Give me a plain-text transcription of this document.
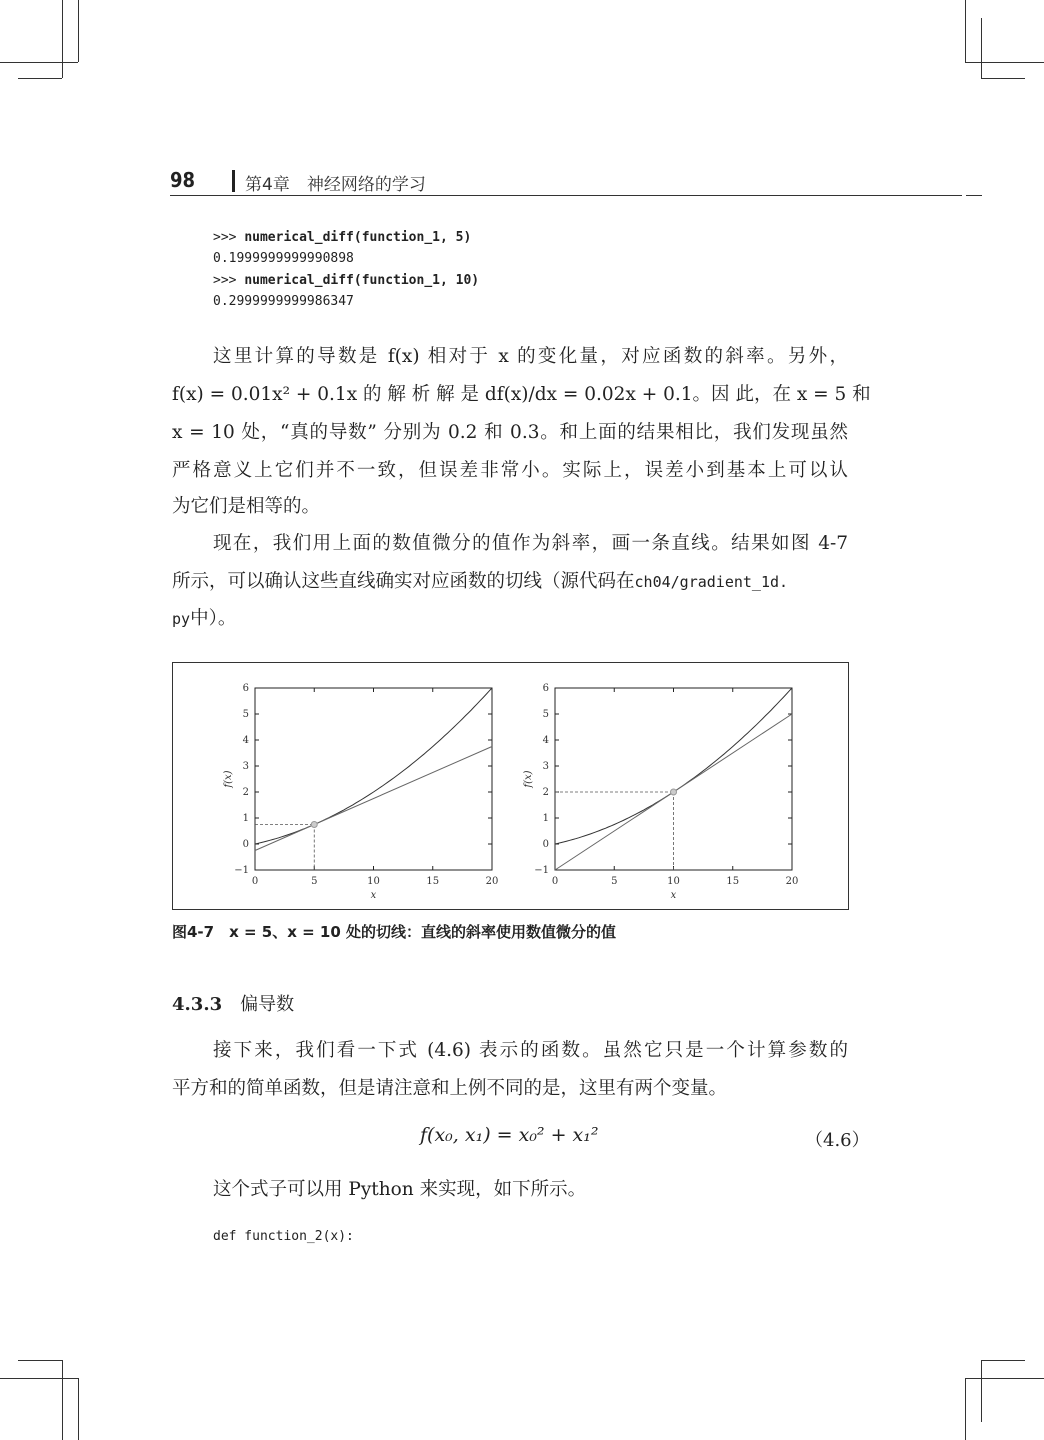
98	第4章　神经网络的学习
>>> numerical_diff(function_1, 5)
0.1999999999990898
>>> numerical_diff(function_1, 10)
0.2999999999986347
这里计算的导数是 f(x) 相对于 x 的变化量，对应函数的斜率。另外，
f(x) = 0.01x² + 0.1x 的 解 析 解 是 df(x)/dx = 0.02x + 0.1。因 此，在 x = 5 和
x = 10 处，“真的导数” 分别为 0.2 和 0.3。和上面的结果相比，我们发现虽然
严格意义上它们并不一致，但误差非常小。实际上，误差小到基本上可以认
为它们是相等的。
现在，我们用上面的数值微分的值作为斜率，画一条直线。结果如图 4-7
所示，可以确认这些直线确实对应函数的切线（源代码在ch04/gradient_1d.
py中）。
0	5	10	15	20
−1
0
1
2
3
4
5
6
x
f(x)
0	5	10	15	20
−1
0
1
2
3
4
5
6
x
f(x)
图4-7　x = 5、x = 10 处的切线：直线的斜率使用数值微分的值
4.3.3 偏导数
接下来，我们看一下式 (4.6) 表示的函数。虽然它只是一个计算参数的
平方和的简单函数，但是请注意和上例不同的是，这里有两个变量。
f(x₀, x₁) = x₀² + x₁²	（4.6）
这个式子可以用 Python 来实现，如下所示。
def function_2(x):
